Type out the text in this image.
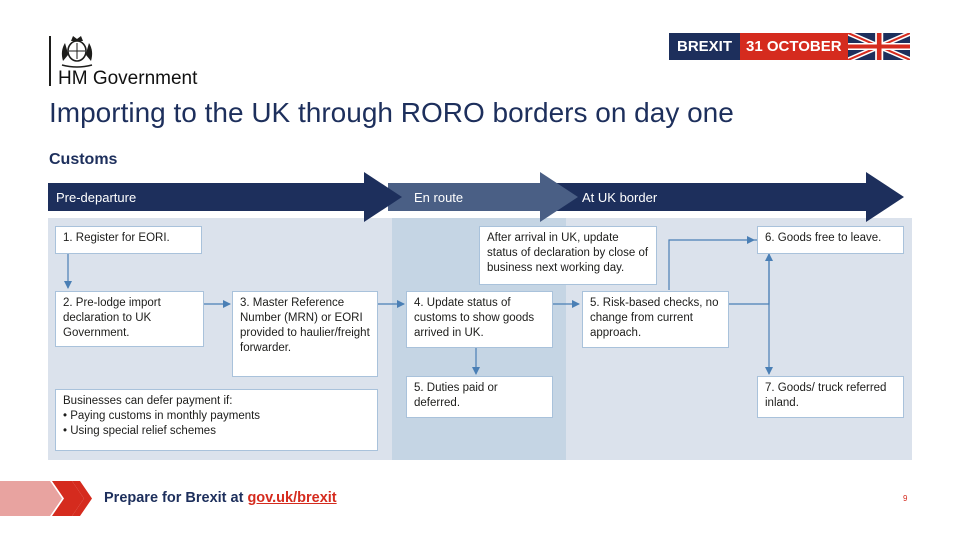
HM Government
BREXIT 31 OCTOBER
Importing to the UK through RORO borders on day one
Customs
Pre-departure	En route	At UK border
1. Register for EORI.
2. Pre-lodge import declaration to UK Government.
3. Master Reference Number (MRN) or EORI provided to haulier/freight forwarder.
4. Update status of customs to show goods arrived in UK.
5. Duties paid or deferred.
After arrival in UK, update status of declaration by close of business next working day.
5. Risk-based checks, no change from current approach.
6. Goods free to leave.
7. Goods/ truck referred inland.
Businesses can defer payment if:
• Paying customs in monthly payments
• Using special relief schemes
Prepare for Brexit at gov.uk/brexit	9
